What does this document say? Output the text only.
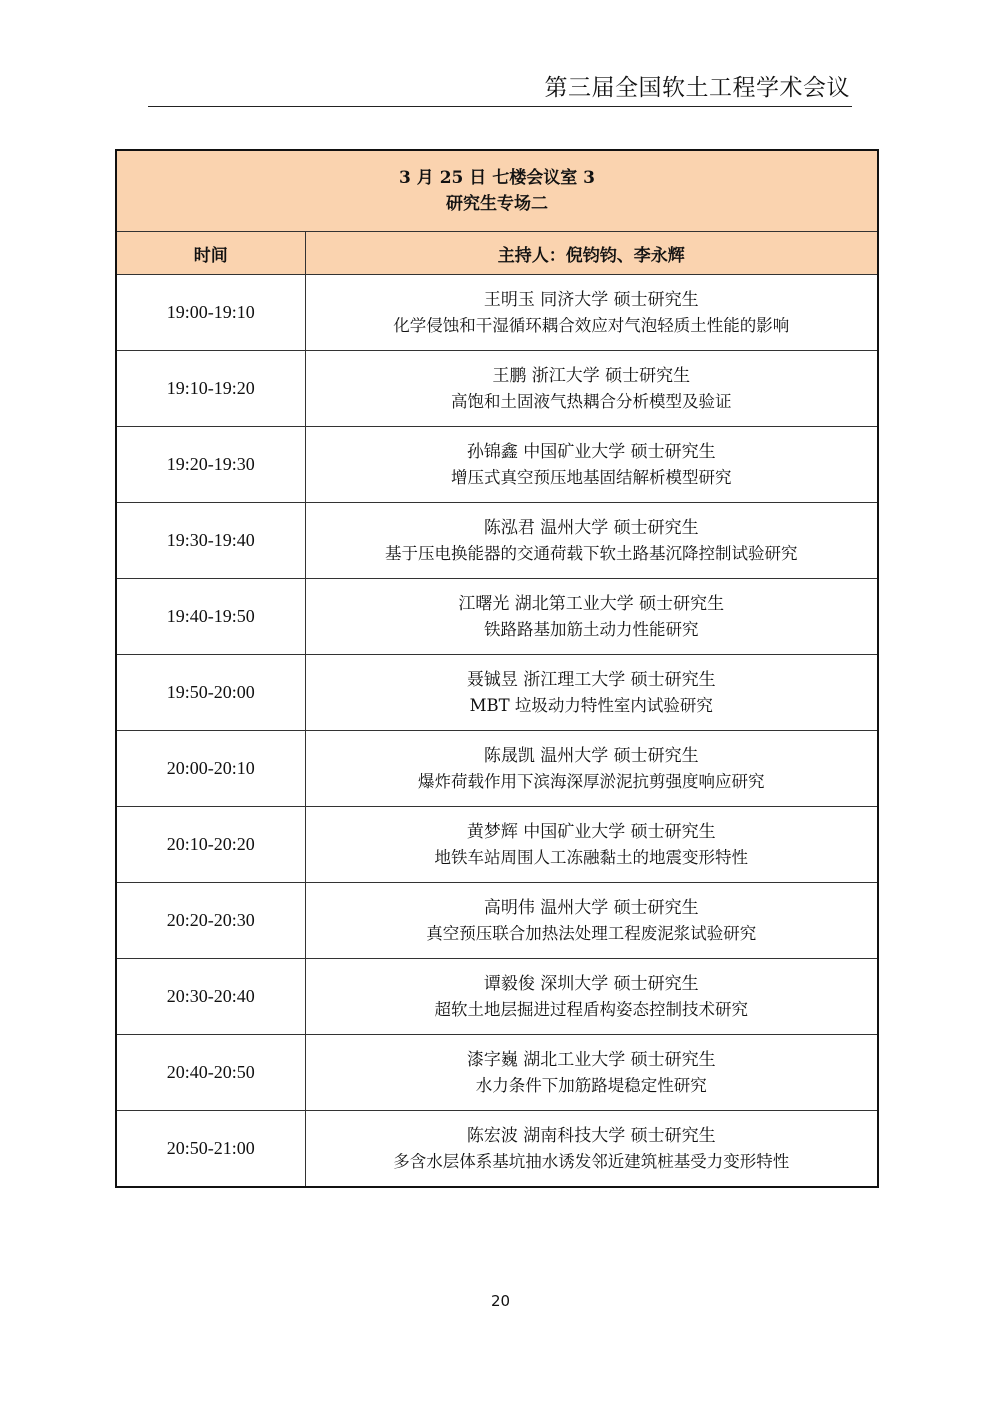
第三届全国软土工程学术会议
3 月 25 日 七楼会议室 3
研究生专场二	

时间	主持人：倪钧钧、李永辉
19:00-19:10	王明玉 同济大学 硕士研究生
化学侵蚀和干湿循环耦合效应对气泡轻质土性能的影响

19:10-19:20	王鹏 浙江大学 硕士研究生
高饱和土固液气热耦合分析模型及验证

19:20-19:30	孙锦鑫 中国矿业大学 硕士研究生
增压式真空预压地基固结解析模型研究

19:30-19:40	陈泓君 温州大学 硕士研究生
基于压电换能器的交通荷载下软土路基沉降控制试验研究

19:40-19:50	江曙光 湖北第工业大学 硕士研究生
铁路路基加筋土动力性能研究

19:50-20:00	聂铖昱 浙江理工大学 硕士研究生
MBT 垃圾动力特性室内试验研究

20:00-20:10	陈晟凯 温州大学 硕士研究生
爆炸荷载作用下滨海深厚淤泥抗剪强度响应研究

20:10-20:20	黄梦辉 中国矿业大学 硕士研究生
地铁车站周围人工冻融黏土的地震变形特性

20:20-20:30	高明伟 温州大学 硕士研究生
真空预压联合加热法处理工程废泥浆试验研究

20:30-20:40	谭毅俊 深圳大学 硕士研究生
超软土地层掘进过程盾构姿态控制技术研究

20:40-20:50	漆字巍 湖北工业大学 硕士研究生
水力条件下加筋路堤稳定性研究

20:50-21:00	陈宏波 湖南科技大学 硕士研究生
多含水层体系基坑抽水诱发邻近建筑桩基受力变形特性
20
